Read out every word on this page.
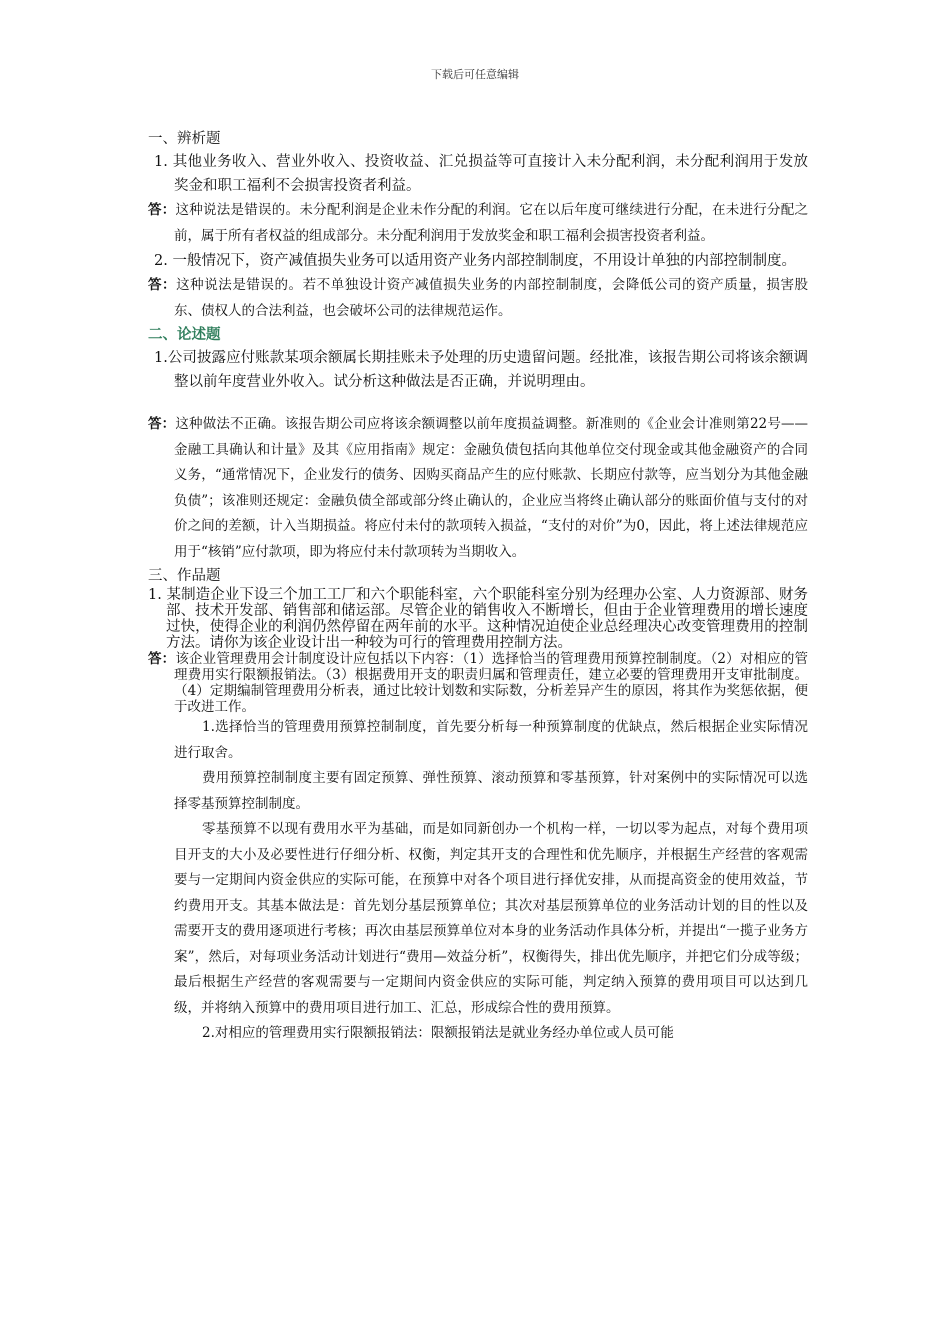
下载后可任意编辑

一、辨析题

1. 其他业务收入、营业外收入、投资收益、汇兑损益等可直接计入未分配利润，未分配利润用于发放奖金和职工福利不会损害投资者利益。

答：这种说法是错误的。未分配利润是企业未作分配的利润。它在以后年度可继续进行分配，在未进行分配之前，属于所有者权益的组成部分。未分配利润用于发放奖金和职工福利会损害投资者利益。

2. 一般情况下，资产减值损失业务可以适用资产业务内部控制制度，不用设计单独的内部控制制度。

答：这种说法是错误的。若不单独设计资产减值损失业务的内部控制制度，会降低公司的资产质量，损害股东、债权人的合法利益，也会破坏公司的法律规范运作。

二、论述题

1.公司披露应付账款某项余额属长期挂账未予处理的历史遗留问题。经批准，该报告期公司将该余额调整以前年度营业外收入。试分析这种做法是否正确，并说明理由。

答：这种做法不正确。该报告期公司应将该余额调整以前年度损益调整。新准则的《企业会计准则第22号——金融工具确认和计量》及其《应用指南》规定：金融负债包括向其他单位交付现金或其他金融资产的合同义务，“通常情况下，企业发行的债务、因购买商品产生的应付账款、长期应付款等，应当划分为其他金融负债”；该准则还规定：金融负债全部或部分终止确认的，企业应当将终止确认部分的账面价值与支付的对价之间的差额，计入当期损益。将应付未付的款项转入损益，“支付的对价”为0，因此，将上述法律规范应用于“核销”应付款项，即为将应付未付款项转为当期收入。

三、作品题

1. 某制造企业下设三个加工工厂和六个职能科室，六个职能科室分别为经理办公室、人力资源部、财务部、技术开发部、销售部和储运部。尽管企业的销售收入不断增长，但由于企业管理费用的增长速度过快，使得企业的利润仍然停留在两年前的水平。这种情况迫使企业总经理决心改变管理费用的控制方法。请你为该企业设计出一种较为可行的管理费用控制方法。

答：该企业管理费用会计制度设计应包括以下内容：（1）选择恰当的管理费用预算控制制度。（2）对相应的管理费用实行限额报销法。（3）根据费用开支的职责归属和管理责任，建立必要的管理费用开支审批制度。（4）定期编制管理费用分析表，通过比较计划数和实际数，分析差异产生的原因，将其作为奖惩依据，便于改进工作。

1.选择恰当的管理费用预算控制制度，首先要分析每一种预算制度的优缺点，然后根据企业实际情况进行取舍。

费用预算控制制度主要有固定预算、弹性预算、滚动预算和零基预算，针对案例中的实际情况可以选择零基预算控制制度。

零基预算不以现有费用水平为基础，而是如同新创办一个机构一样，一切以零为起点，对每个费用项目开支的大小及必要性进行仔细分析、权衡，判定其开支的合理性和优先顺序，并根据生产经营的客观需要与一定期间内资金供应的实际可能，在预算中对各个项目进行择优安排，从而提高资金的使用效益，节约费用开支。其基本做法是：首先划分基层预算单位；其次对基层预算单位的业务活动计划的目的性以及需要开支的费用逐项进行考核；再次由基层预算单位对本身的业务活动作具体分析，并提出“一揽子业务方案”，然后，对每项业务活动计划进行“费用—效益分析”，权衡得失，排出优先顺序，并把它们分成等级；最后根据生产经营的客观需要与一定期间内资金供应的实际可能，判定纳入预算的费用项目可以达到几级，并将纳入预算中的费用项目进行加工、汇总，形成综合性的费用预算。

2.对相应的管理费用实行限额报销法：限额报销法是就业务经办单位或人员可能
